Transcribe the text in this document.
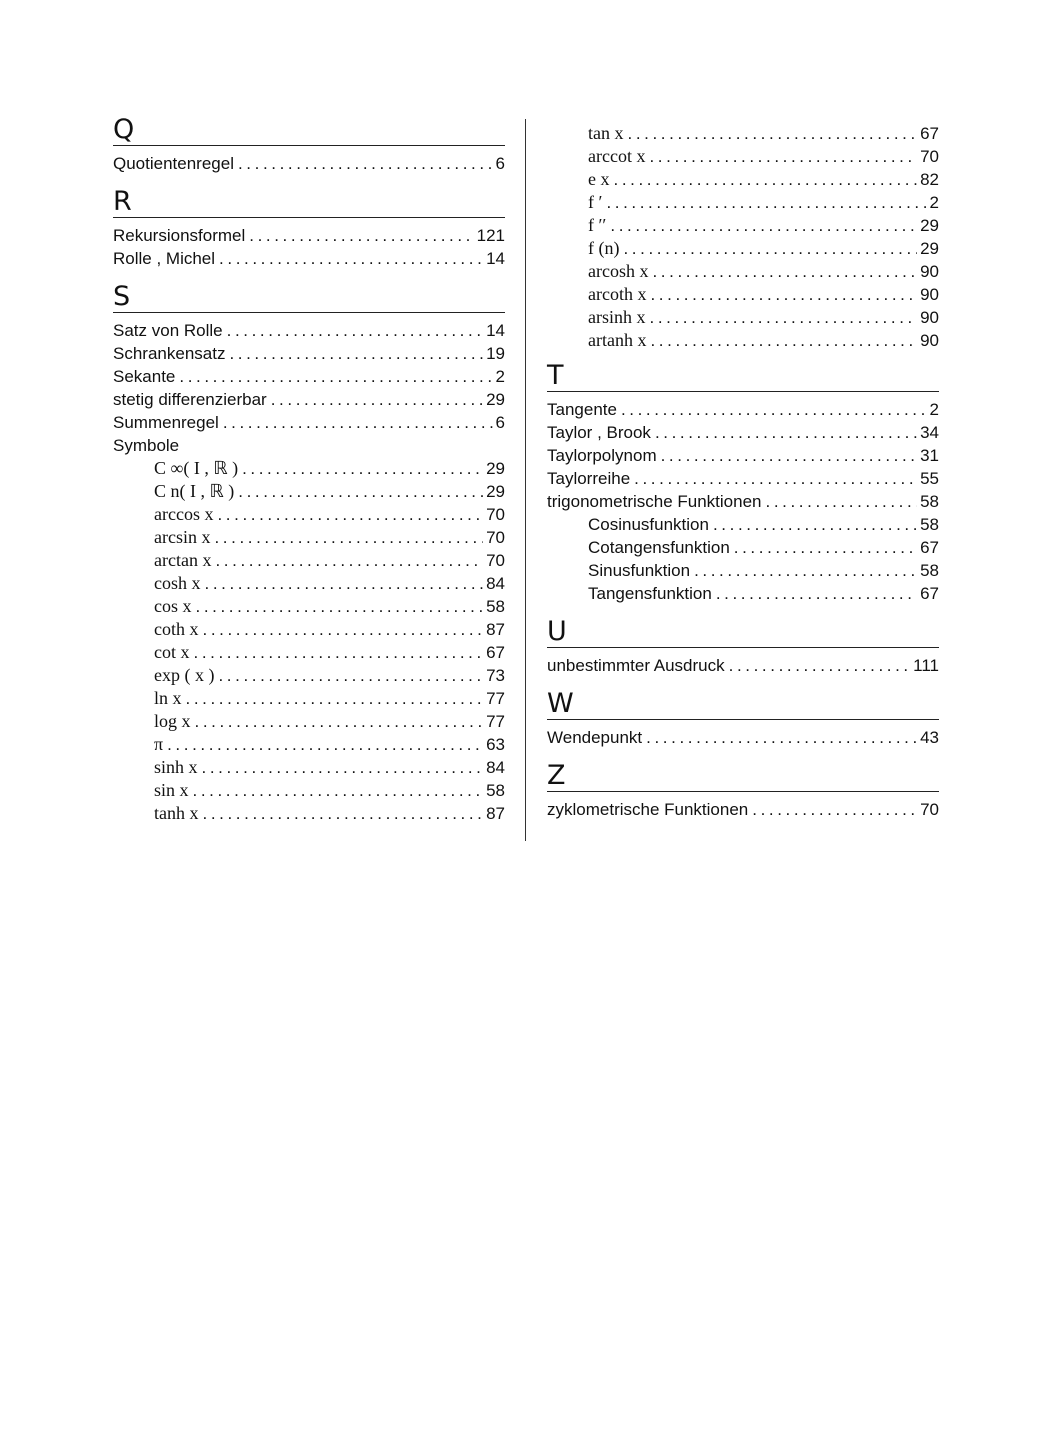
Q
Quotientenregel .....	6
R
Rekursionsformel .....	121
Rolle , Michel .....	14
S
Satz von Rolle .....	14
Schrankensatz .....	19
Sekante .....	2
stetig differenzierbar .....	29
Summenregel .....	6
Symbole
C ∞( I , ℝ ) .....	29
C n( I , ℝ ) .....	29
arccos x .....	70
arcsin x .....	70
arctan x .....	70
cosh x .....	84
cos x .....	58
coth x .....	87
cot x .....	67
exp ( x ) .....	73
ln x .....	77
log x .....	77
π .....	63
sinh x .....	84
sin x .....	58
tanh x .....	87
tan x .....	67
arccot x .....	70
e x .....	82
f ′ .....	2
f ′′ .....	29
f (n) .....	29
arcosh x .....	90
arcoth x .....	90
arsinh x .....	90
artanh x .....	90
T
Tangente .....	2
Taylor , Brook .....	34
Taylorpolynom .....	31
Taylorreihe .....	55
trigonometrische Funktionen .....	58
Cosinusfunktion .....	58
Cotangensfunktion .....	67
Sinusfunktion .....	58
Tangensfunktion .....	67
U
unbestimmter Ausdruck .....	111
W
Wendepunkt .....	43
Z
zyklometrische Funktionen .....	70
